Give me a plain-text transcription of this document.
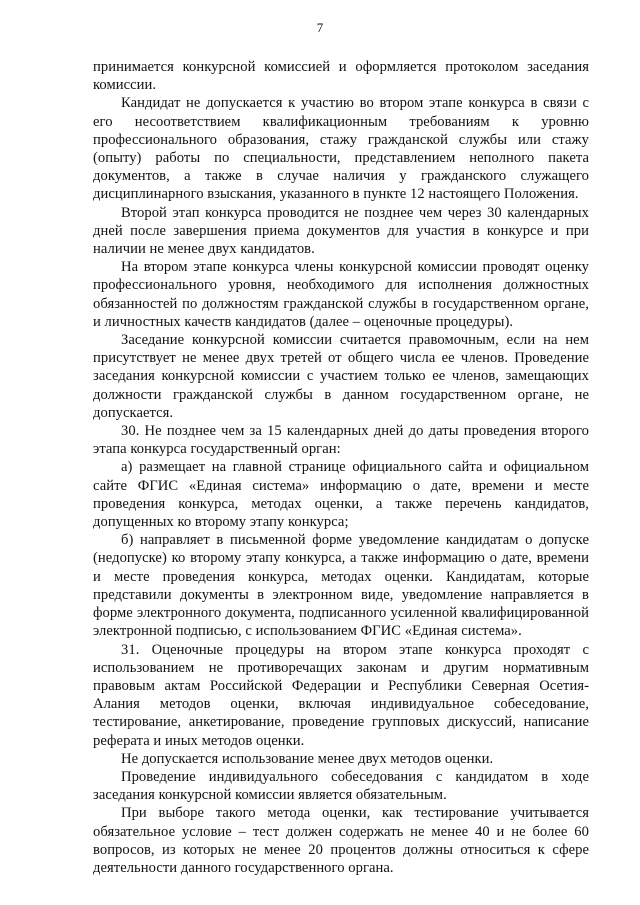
7

принимается конкурсной комиссией и оформляется протоколом заседания комиссии.

Кандидат не допускается к участию во втором этапе конкурса в связи с его несоответствием квалификационным требованиям к уровню профессионального образования, стажу гражданской службы или стажу (опыту) работы по специальности, представлением неполного пакета документов, а также в случае наличия у гражданского служащего дисциплинарного взыскания, указанного в пункте 12 настоящего Положения.

Второй этап конкурса проводится не позднее чем через 30 календарных дней после завершения приема документов для участия в конкурсе и при наличии не менее двух кандидатов.

На втором этапе конкурса члены конкурсной комиссии проводят оценку профессионального уровня, необходимого для исполнения должностных обязанностей по должностям гражданской службы в государственном органе, и личностных качеств кандидатов (далее – оценочные процедуры).

Заседание конкурсной комиссии считается правомочным, если на нем присутствует не менее двух третей от общего числа ее членов. Проведение заседания конкурсной комиссии с участием только ее членов, замещающих должности гражданской службы в данном государственном органе, не допускается.

30. Не позднее чем за 15 календарных дней до даты проведения второго этапа конкурса государственный орган:

а) размещает на главной странице официального сайта и официальном сайте ФГИС «Единая система» информацию о дате, времени и месте проведения конкурса, методах оценки, а также перечень кандидатов, допущенных ко второму этапу конкурса;

б) направляет в письменной форме уведомление кандидатам о допуске (недопуске) ко второму этапу конкурса, а также информацию о дате, времени и месте проведения конкурса, методах оценки. Кандидатам, которые представили документы в электронном виде, уведомление направляется в форме электронного документа, подписанного усиленной квалифицированной электронной подписью, с использованием ФГИС «Единая система».

31. Оценочные процедуры на втором этапе конкурса проходят с использованием не противоречащих законам и другим нормативным правовым актам Российской Федерации и Республики Северная Осетия-Алания методов оценки, включая индивидуальное собеседование, тестирование, анкетирование, проведение групповых дискуссий, написание реферата и иных методов оценки.

Не допускается использование менее двух методов оценки.

Проведение индивидуального собеседования с кандидатом в ходе заседания конкурсной комиссии является обязательным.

При выборе такого метода оценки, как тестирование учитывается обязательное условие – тест должен содержать не менее 40 и не более 60 вопросов, из которых не менее 20 процентов должны относиться к сфере деятельности данного государственного органа.
